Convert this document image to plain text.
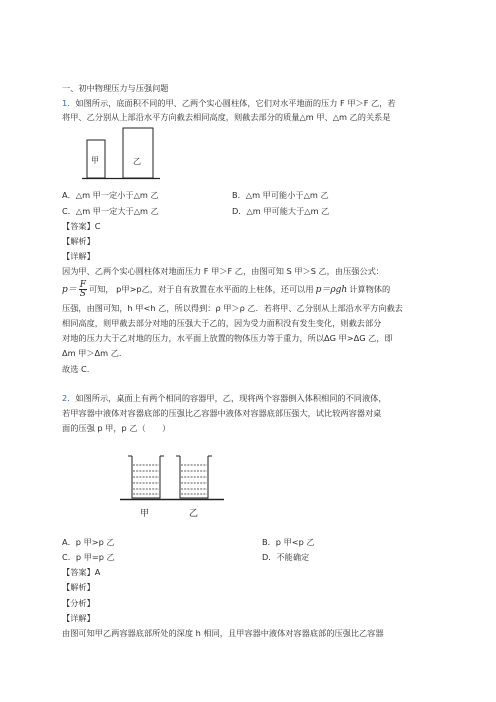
一、初中物理压力与压强问题
1．如图所示，底面积不同的甲、乙两个实心圆柱体，它们对水平地面的压力 F 甲＞F 乙，若
将甲、乙分别从上部沿水平方向截去相同高度，则截去部分的质量△m 甲、△m 乙的关系是
甲	乙
A．△m 甲一定小于△m 乙	B．△m 甲可能小于△m 乙
C．△m 甲一定大于△m 乙	D．△m 甲可能大于△m 乙
【答案】C
【解析】
【详解】
因为甲、乙两个实心圆柱体对地面压力 F 甲＞F 乙，由图可知 S 甲＞S 乙，由压强公式：
$p= \frac{F}{S}$ 可知， p甲>p乙，对于自有放置在水平面的上柱体，还可以用 p＝ρgh 计算物体的
压强，由图可知，h 甲<h 乙，所以得到：ρ 甲＞ρ 乙．若将甲、乙分别从上部沿水平方向截去
相同高度，则甲截去部分对地的压强大于乙的，因为受力面积没有发生变化，则截去部分
对地的压力大于乙对地的压力，水平面上放置的物体压力等于重力，所以ΔG 甲>ΔG 乙，即
Δm 甲＞Δm 乙．
故选 C.
2．如图所示，桌面上有两个相同的容器甲，乙，现将两个容器倒入体积相同的不同液体，
若甲容器中液体对容器底部的压强比乙容器中液体对容器底部压强大，试比较两容器对桌
面的压强 p 甲，p 乙（　　）
甲	乙
A．p 甲>p 乙	B．p 甲<p 乙
C．p 甲=p 乙	D．不能确定
【答案】A
【解析】
【分析】
【详解】
由图可知甲乙两容器底部所处的深度 h 相同，且甲容器中液体对容器底部的压强比乙容器
